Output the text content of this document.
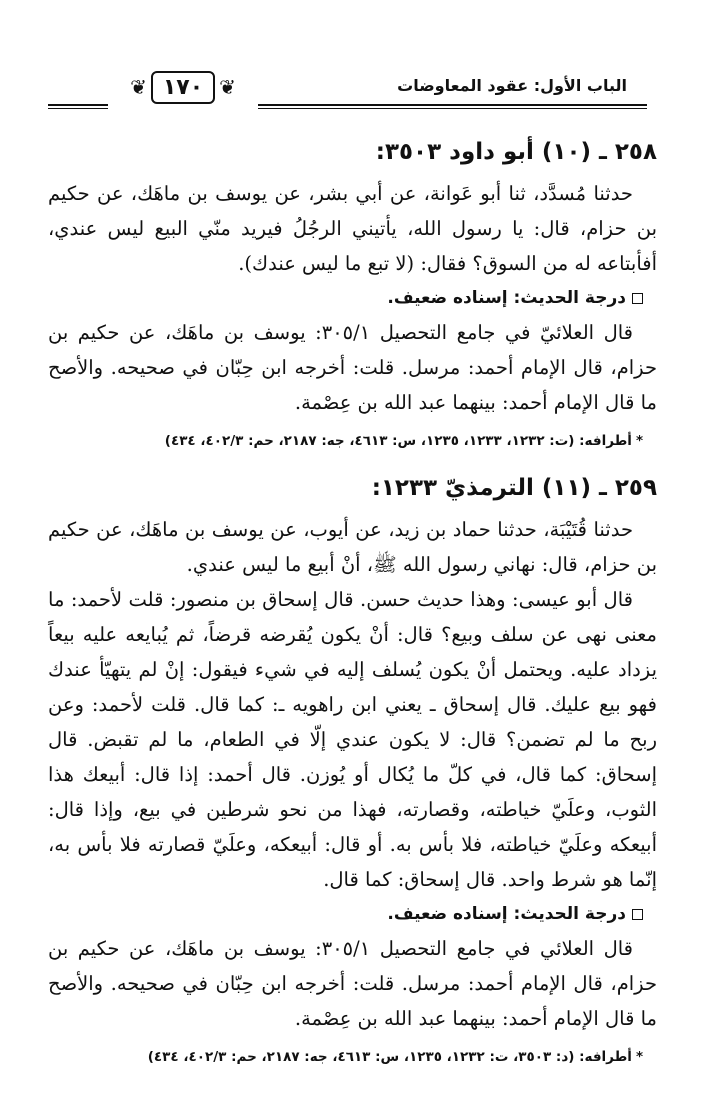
الباب الأول: عقود المعاوضات
❦
١٧٠
❦
٢٥٨ ـ (١٠) أبو داود ٣٥٠٣:

حدثنا مُسدَّد، ثنا أبو عَوانة، عن أبي بشر، عن يوسف بن ماهَك، عن حكيم بن حزام، قال: يا رسول الله، يأتيني الرجُلُ فيريد منّي البيع ليس عندي، أفأبتاعه له من السوق؟ فقال: (لا تبع ما ليس عندك).

درجة الحديث: إسناده ضعيف.

قال العلائيّ في جامع التحصيل ٣٠٥/١: يوسف بن ماهَك، عن حكيم بن حزام، قال الإمام أحمد: مرسل. قلت: أخرجه ابن حِبّان في صحيحه. والأصح ما قال الإمام أحمد: بينهما عبد الله بن عِصْمة.

*أطرافه: (ت: ١٢٣٢، ١٢٣٣، ١٢٣٥، س: ٤٦١٣، جه: ٢١٨٧، حم: ٤٠٢/٣، ٤٣٤)
٢٥٩ ـ (١١) الترمذيّ ١٢٣٣:

حدثنا قُتَيْبَة، حدثنا حماد بن زيد، عن أيوب، عن يوسف بن ماهَك، عن حكيم بن حزام، قال: نهاني رسول الله ﷺ، أنْ أبيع ما ليس عندي.

قال أبو عيسى: وهذا حديث حسن. قال إسحاق بن منصور: قلت لأحمد: ما معنى نهى عن سلف وبيع؟ قال: أنْ يكون يُقرضه قرضاً، ثم يُبايعه عليه بيعاً يزداد عليه. ويحتمل أنْ يكون يُسلف إليه في شيء فيقول: إنْ لم يتهيّأ عندك فهو بيع عليك. قال إسحاق ـ يعني ابن راهويه ـ: كما قال. قلت لأحمد: وعن ربح ما لم تضمن؟ قال: لا يكون عندي إلّا في الطعام، ما لم تقبض. قال إسحاق: كما قال، في كلّ ما يُكال أو يُوزن. قال أحمد: إذا قال: أبيعك هذا الثوب، وعلَيّ خياطته، وقصارته، فهذا من نحو شرطين في بيع، وإذا قال: أبيعكه وعلَيّ خياطته، فلا بأس به. أو قال: أبيعكه، وعلَيّ قصارته فلا بأس به، إنّما هو شرط واحد. قال إسحاق: كما قال.

درجة الحديث: إسناده ضعيف.

قال العلائي في جامع التحصيل ٣٠٥/١: يوسف بن ماهَك، عن حكيم بن حزام، قال الإمام أحمد: مرسل. قلت: أخرجه ابن حِبّان في صحيحه. والأصح ما قال الإمام أحمد: بينهما عبد الله بن عِصْمة.

*أطرافه: (د: ٣٥٠٣، ت: ١٢٣٢، ١٢٣٥، س: ٤٦١٣، جه: ٢١٨٧، حم: ٤٠٢/٣، ٤٣٤)
